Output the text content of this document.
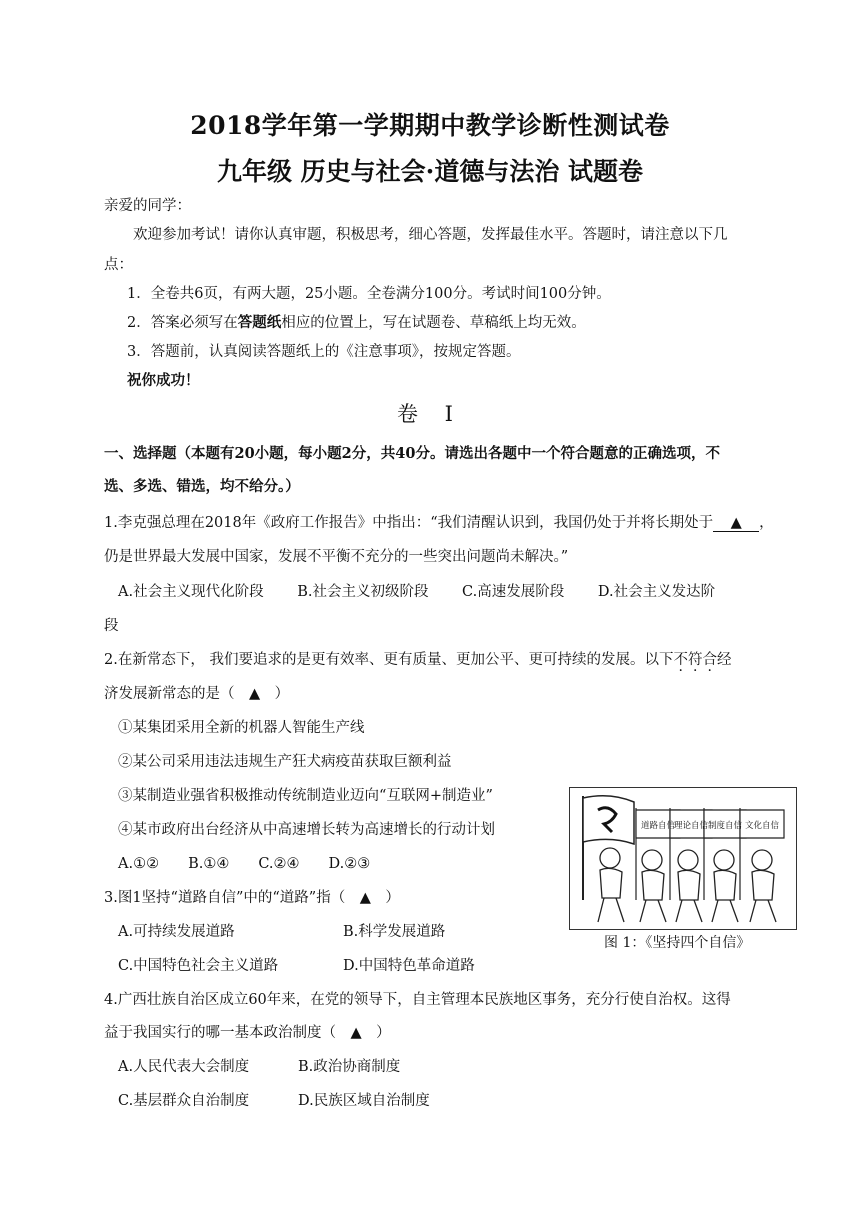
2018学年第一学期期中教学诊断性测试卷
九年级 历史与社会·道德与法治 试题卷
亲爱的同学：
欢迎参加考试！请你认真审题，积极思考，细心答题，发挥最佳水平。答题时，请注意以下几
点：
1．全卷共6页，有两大题，25小题。全卷满分100分。考试时间100分钟。
2．答案必须写在答题纸相应的位置上，写在试题卷、草稿纸上均无效。
3．答题前，认真阅读答题纸上的《注意事项》，按规定答题。
祝你成功！
卷 Ⅰ
一、选择题（本题有20小题，每小题2分，共40分。请选出各题中一个符合题意的正确选项，不
选、多选、错选，均不给分。）
1.李克强总理在2018年《政府工作报告》中指出：“我们清醒认识到，我国仍处于并将长期处于 ▲ ，
仍是世界最大发展中国家，发展不平衡不充分的一些突出问题尚未解决。”
A.社会主义现代化阶段　　 B.社会主义初级阶段　　 C.高速发展阶段　　 D.社会主义发达阶
段
2.在新常态下， 我们要追求的是更有效率、更有质量、更加公平、更可持续的发展。以下不符合经
济发展新常态的是（　▲　）
①某集团采用全新的机器人智能生产线
②某公司采用违法违规生产狂犬病疫苗获取巨额利益
③某制造业强省积极推动传统制造业迈向“互联网+制造业”
④某市政府出台经济从中高速增长转为高速增长的行动计划
A.①②　　B.①④　　C.②④　　D.②③
3.图1坚持“道路自信”中的“道路”指（　▲　）
A.可持续发展道路	B.科学发展道路
C.中国特色社会主义道路	D.中国特色革命道路
道路自信
理论自信 制度自信 文化自信
图 1：《坚持四个自信》
4.广西壮族自治区成立60年来，在党的领导下，自主管理本民族地区事务，充分行使自治权。这得
益于我国实行的哪一基本政治制度（　▲　）
A.人民代表大会制度	B.政治协商制度
C.基层群众自治制度	D.民族区域自治制度
